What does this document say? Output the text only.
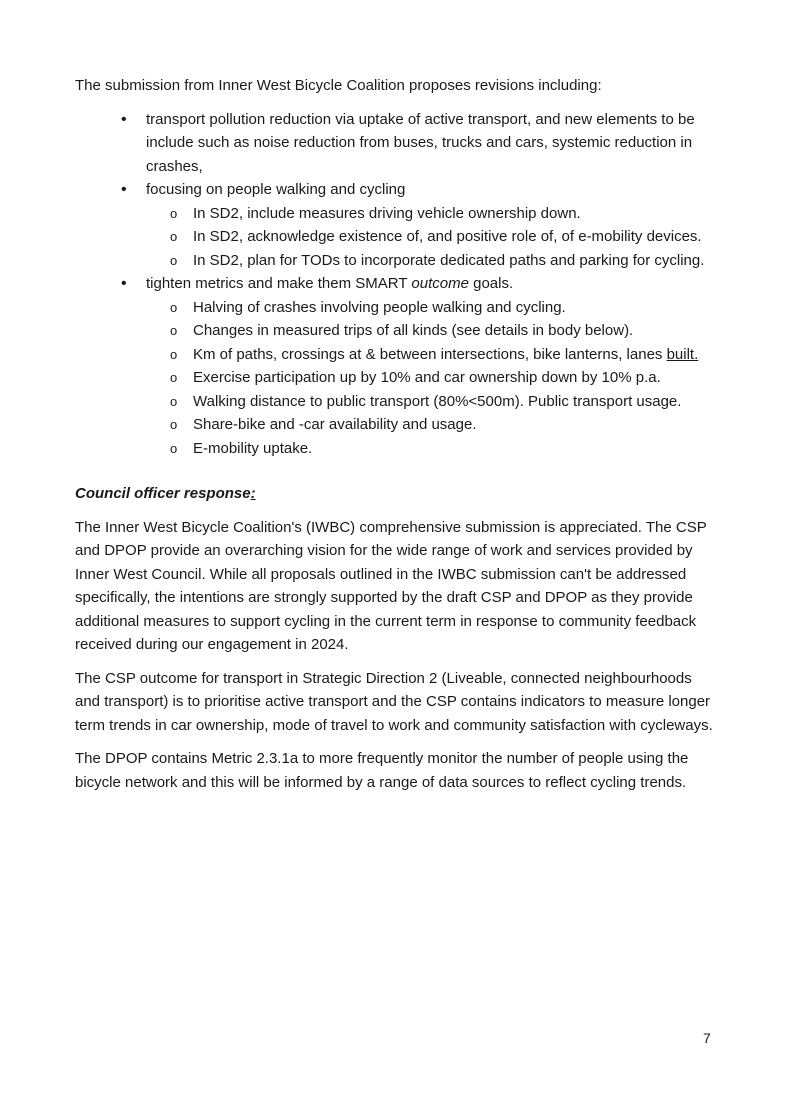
The submission from Inner West Bicycle Coalition proposes revisions including:

• transport pollution reduction via uptake of active transport, and new elements to be include such as noise reduction from buses, trucks and cars, systemic reduction in crashes,
• focusing on people walking and cycling
o In SD2, include measures driving vehicle ownership down.
o In SD2, acknowledge existence of, and positive role of, of e-mobility devices.
o In SD2, plan for TODs to incorporate dedicated paths and parking for cycling.
• tighten metrics and make them SMART outcome goals.
o Halving of crashes involving people walking and cycling.
o Changes in measured trips of all kinds (see details in body below).
o Km of paths, crossings at & between intersections, bike lanterns, lanes built.
o Exercise participation up by 10% and car ownership down by 10% p.a.
o Walking distance to public transport (80%<500m). Public transport usage.
o Share-bike and -car availability and usage.
o E-mobility uptake.

Council officer response:

The Inner West Bicycle Coalition's (IWBC) comprehensive submission is appreciated. The CSP and DPOP provide an overarching vision for the wide range of work and services provided by Inner West Council. While all proposals outlined in the IWBC submission can't be addressed specifically, the intentions are strongly supported by the draft CSP and DPOP as they provide additional measures to support cycling in the current term in response to community feedback received during our engagement in 2024.

The CSP outcome for transport in Strategic Direction 2 (Liveable, connected neighbourhoods and transport) is to prioritise active transport and the CSP contains indicators to measure longer term trends in car ownership, mode of travel to work and community satisfaction with cycleways.

The DPOP contains Metric 2.3.1a to more frequently monitor the number of people using the bicycle network and this will be informed by a range of data sources to reflect cycling trends.

7
